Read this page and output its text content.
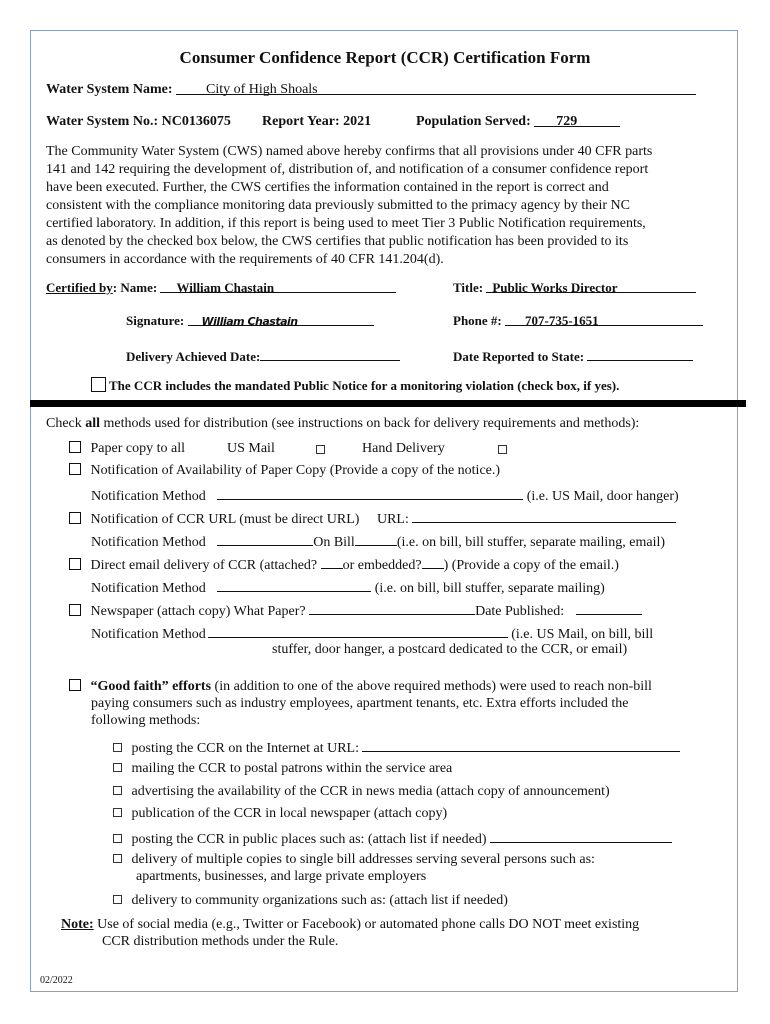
Consumer Confidence Report (CCR) Certification Form
Water System Name: City of High Shoals
Water System No.: NC0136075 Report Year: 2021	Population Served: 729
The Community Water System (CWS) named above hereby confirms that all provisions under 40 CFR parts
141 and 142 requiring the development of, distribution of, and notification of a consumer confidence report
have been executed. Further, the CWS certifies the information contained in the report is correct and
consistent with the compliance monitoring data previously submitted to the primacy agency by their NC
certified laboratory. In addition, if this report is being used to meet Tier 3 Public Notification requirements,
as denoted by the checked box below, the CWS certifies that public notification has been provided to its
consumers in accordance with the requirements of 40 CFR 141.204(d).
Certified by: Name: William Chastain	Title: Public Works Director
Signature: William Chastain	Phone #: 707-735-1651
Delivery Achieved Date:	Date Reported to State:
The CCR includes the mandated Public Notice for a monitoring violation (check box, if yes).
Check all methods used for distribution (see instructions on back for delivery requirements and methods):
Paper copy to all	US Mail	Hand Delivery
Notification of Availability of Paper Copy (Provide a copy of the notice.)
Notification Method	(i.e. US Mail, door hanger)
Notification of CCR URL (must be direct URL) URL:
Notification Method	On Bill	(i.e. on bill, bill stuffer, separate mailing, email)
Direct email delivery of CCR (attached? or embedded? ) (Provide a copy of the email.)
Notification Method	(i.e. on bill, bill stuffer, separate mailing)
Newspaper (attach copy) What Paper?	Date Published:
Notification Method	(i.e. US Mail, on bill, bill
stuffer, door hanger, a postcard dedicated to the CCR, or email)
“Good faith” efforts (in addition to one of the above required methods) were used to reach non-bill
paying consumers such as industry employees, apartment tenants, etc. Extra efforts included the
following methods:
posting the CCR on the Internet at URL:
mailing the CCR to postal patrons within the service area
advertising the availability of the CCR in news media (attach copy of announcement)
publication of the CCR in local newspaper (attach copy)
posting the CCR in public places such as: (attach list if needed)
delivery of multiple copies to single bill addresses serving several persons such as:
apartments, businesses, and large private employers
delivery to community organizations such as: (attach list if needed)
Note: Use of social media (e.g., Twitter or Facebook) or automated phone calls DO NOT meet existing
CCR distribution methods under the Rule.
02/2022
